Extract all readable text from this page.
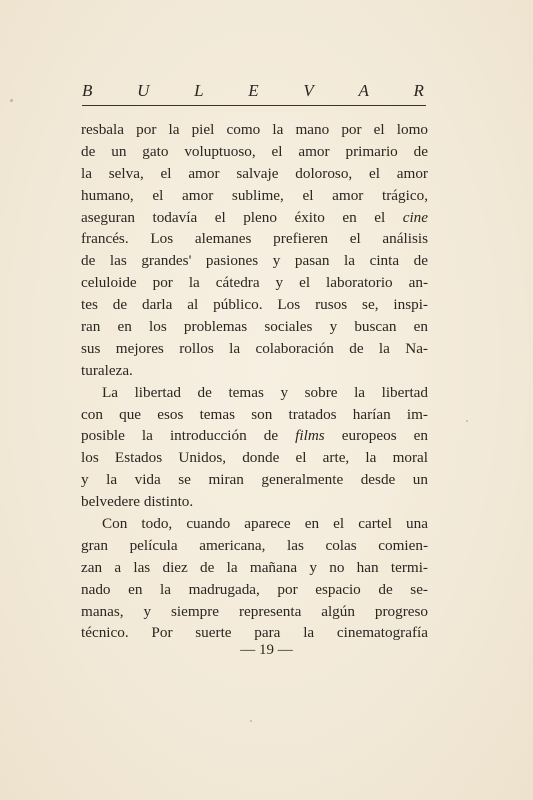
B	U	L	E	V	A	R
resbala por la piel como la mano por el lomo
de un gato voluptuoso, el amor primario de
la selva, el amor salvaje doloroso, el amor
humano, el amor sublime, el amor trágico,
aseguran todavía el pleno éxito en el cine
francés. Los alemanes prefieren el análisis
de las grandes' pasiones y pasan la cinta de
celuloide por la cátedra y el laboratorio an-
tes de darla al público. Los rusos se, inspi-
ran en los problemas sociales y buscan en
sus mejores rollos la colaboración de la Na-
turaleza.
La libertad de temas y sobre la libertad
con que esos temas son tratados harían im-
posible la introducción de films europeos en
los Estados Unidos, donde el arte, la moral
y la vida se miran generalmente desde un
belvedere distinto.
Con todo, cuando aparece en el cartel una
gran película americana, las colas comien-
zan a las diez de la mañana y no han termi-
nado en la madrugada, por espacio de se-
manas, y siempre representa algún progreso
técnico. Por suerte para la cinematografía
— 19 —
